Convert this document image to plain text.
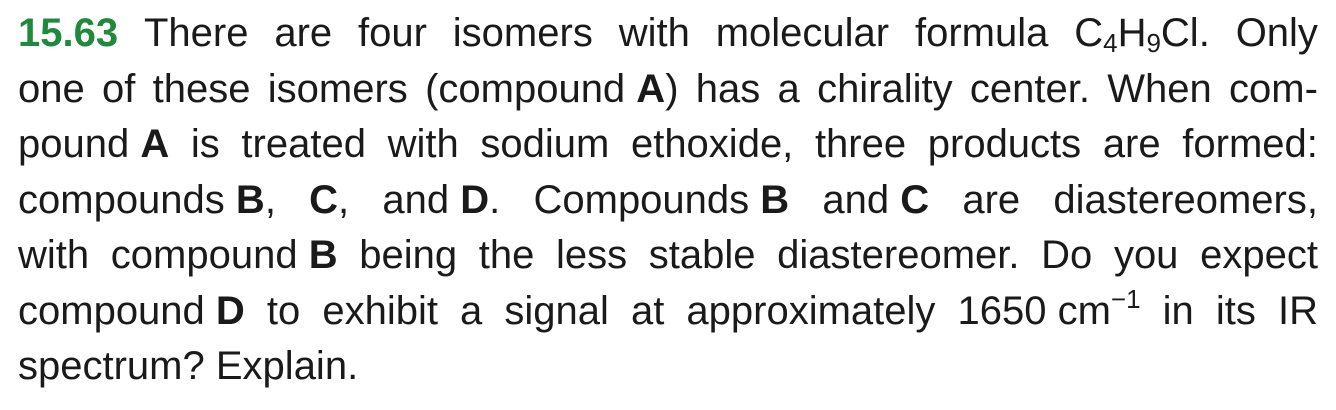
15.63 There are four isomers with molecular formula $C_4H_9Cl$. Only
one of these isomers (compound A) has a chirality center. When com-
pound A is treated with sodium ethoxide, three products are formed:
compounds B, C, and D. Compounds B and C are diastereomers,
with compound B being the less stable diastereomer. Do you expect
compound D to exhibit a signal at approximately 1650 $cm^{-1}$ in its IR
spectrum?
Explain.
